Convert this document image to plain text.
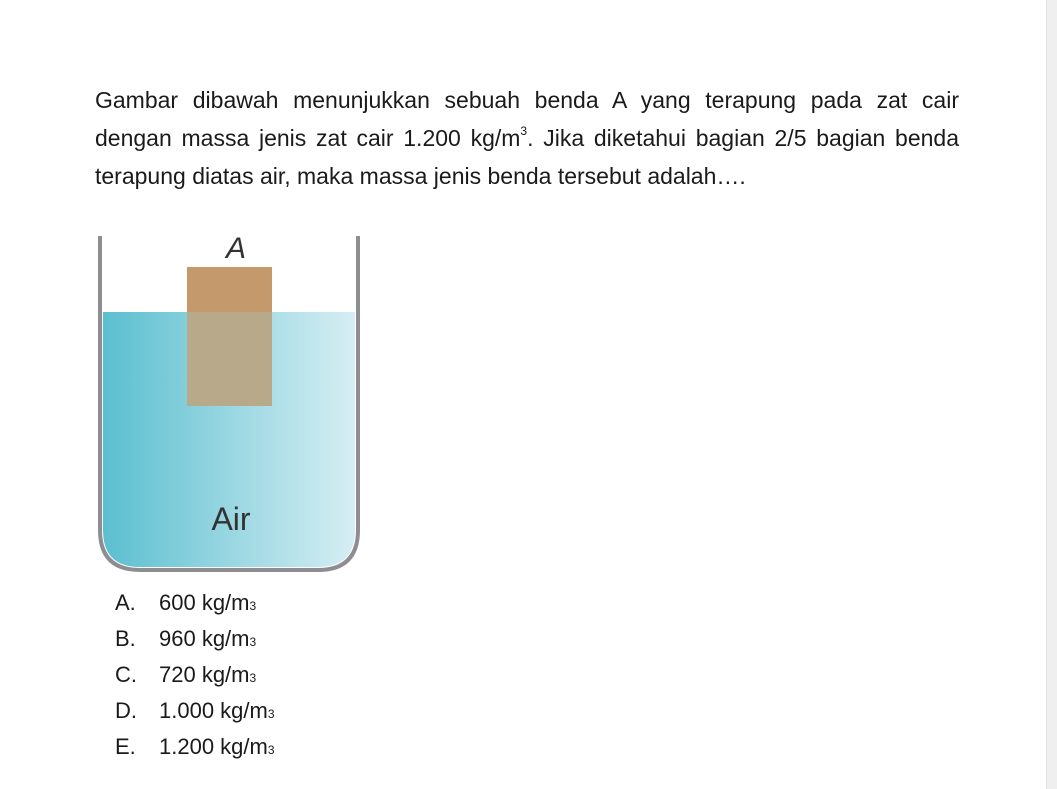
Gambar dibawah menunjukkan sebuah benda A yang terapung pada zat cair dengan massa jenis zat cair 1.200 $kg/m^3$. Jika diketahui bagian 2/5 bagian benda terapung diatas air, maka massa jenis benda tersebut adalah….

A
Air
A.	600 kg/m 3
B.	960 kg/m 3
C.	720 kg/m 3
D.	1.000 kg/m 3
E.	1.200 kg/m 3
